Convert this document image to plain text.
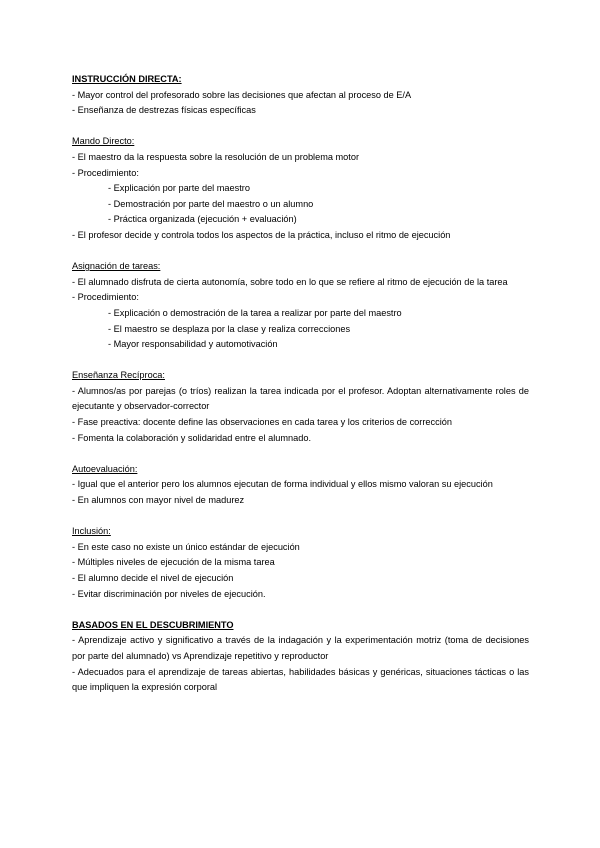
INSTRUCCIÓN DIRECTA:

- Mayor control del profesorado sobre las decisiones que afectan al proceso de E/A

- Enseñanza de destrezas físicas específicas

Mando Directo:

- El maestro da la respuesta sobre la resolución de un problema motor

- Procedimiento:

- Explicación por parte del maestro

- Demostración por parte del maestro o un alumno

- Práctica organizada (ejecución + evaluación)

- El profesor decide y controla todos los aspectos de la práctica, incluso el ritmo de ejecución

Asignación de tareas:

- El alumnado disfruta de cierta autonomía, sobre todo en lo que se refiere al ritmo de ejecución de la tarea

- Procedimiento:

- Explicación o demostración de la tarea a realizar por parte del maestro

- El maestro se desplaza por la clase y realiza correcciones

- Mayor responsabilidad y automotivación

Enseñanza Recíproca:

- Alumnos/as por parejas (o tríos) realizan la tarea indicada por el profesor. Adoptan alternativamente roles de ejecutante y observador-corrector

- Fase preactiva: docente define las observaciones en cada tarea y los criterios de corrección

- Fomenta la colaboración y solidaridad entre el alumnado.

Autoevaluación:

- Igual que el anterior pero los alumnos ejecutan de forma individual y ellos mismo valoran su ejecución

- En alumnos con mayor nivel de madurez

Inclusión:

- En este caso no existe un único estándar de ejecución

- Múltiples niveles de ejecución de la misma tarea

- El alumno decide el nivel de ejecución

- Evitar discriminación por niveles de ejecución.

BASADOS EN EL DESCUBRIMIENTO

- Aprendizaje activo y significativo a través de la indagación y la experimentación motriz (toma de decisiones por parte del alumnado) vs Aprendizaje repetitivo y reproductor

- Adecuados para el aprendizaje de tareas abiertas, habilidades básicas y genéricas, situaciones tácticas o las que impliquen la expresión corporal
